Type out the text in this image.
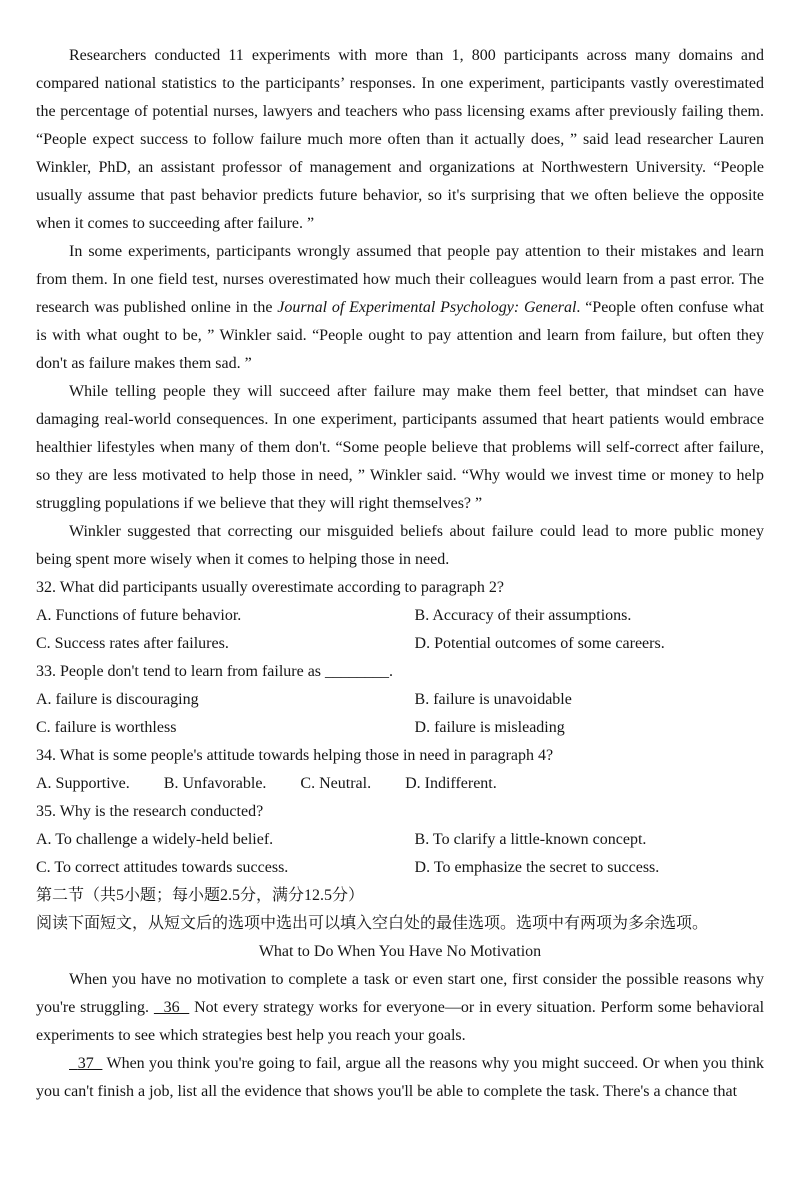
Researchers conducted 11 experiments with more than 1, 800 participants across many domains and compared national statistics to the participants’ responses. In one experiment, participants vastly overestimated the percentage of potential nurses, lawyers and teachers who pass licensing exams after previously failing them. “People expect success to follow failure much more often than it actually does, ” said lead researcher Lauren Winkler, PhD, an assistant professor of management and organizations at Northwestern University. “People usually assume that past behavior predicts future behavior, so it's surprising that we often believe the opposite when it comes to succeeding after failure. ”

In some experiments, participants wrongly assumed that people pay attention to their mistakes and learn from them. In one field test, nurses overestimated how much their colleagues would learn from a past error. The research was published online in the Journal of Experimental Psychology: General. “People often confuse what is with what ought to be, ” Winkler said. “People ought to pay attention and learn from failure, but often they don't as failure makes them sad. ”

While telling people they will succeed after failure may make them feel better, that mindset can have damaging real-world consequences. In one experiment, participants assumed that heart patients would embrace healthier lifestyles when many of them don't. “Some people believe that problems will self-correct after failure, so they are less motivated to help those in need, ” Winkler said. “Why would we invest time or money to help struggling populations if we believe that they will right themselves? ”

Winkler suggested that correcting our misguided beliefs about failure could lead to more public money being spent more wisely when it comes to helping those in need.

32. What did participants usually overestimate according to paragraph 2?
A. Functions of future behavior.	B. Accuracy of their assumptions.
C. Success rates after failures.	D. Potential outcomes of some careers.
33. People don't tend to learn from failure as ________.
A. failure is discouraging	B. failure is unavoidable
C. failure is worthless	D. failure is misleading
34. What is some people's attitude towards helping those in need in paragraph 4?
A. Supportive. B. Unfavorable. C. Neutral. D. Indifferent.
35. Why is the research conducted?
A. To challenge a widely-held belief.	B. To clarify a little-known concept.
C. To correct attitudes towards success.	D. To emphasize the secret to success.
第二节（共5小题；每小题2.5分，满分12.5分）
阅读下面短文，从短文后的选项中选出可以填入空白处的最佳选项。选项中有两项为多余选项。
What to Do When You Have No Motivation

When you have no motivation to complete a task or even start one, first consider the possible reasons why you're struggling.   36   Not every strategy works for everyone—or in every situation. Perform some behavioral experiments to see which strategies best help you reach your goals.

37   When you think you're going to fail, argue all the reasons why you might succeed. Or when you think you can't finish a job, list all the evidence that shows you'll be able to complete the task. There's a chance that
